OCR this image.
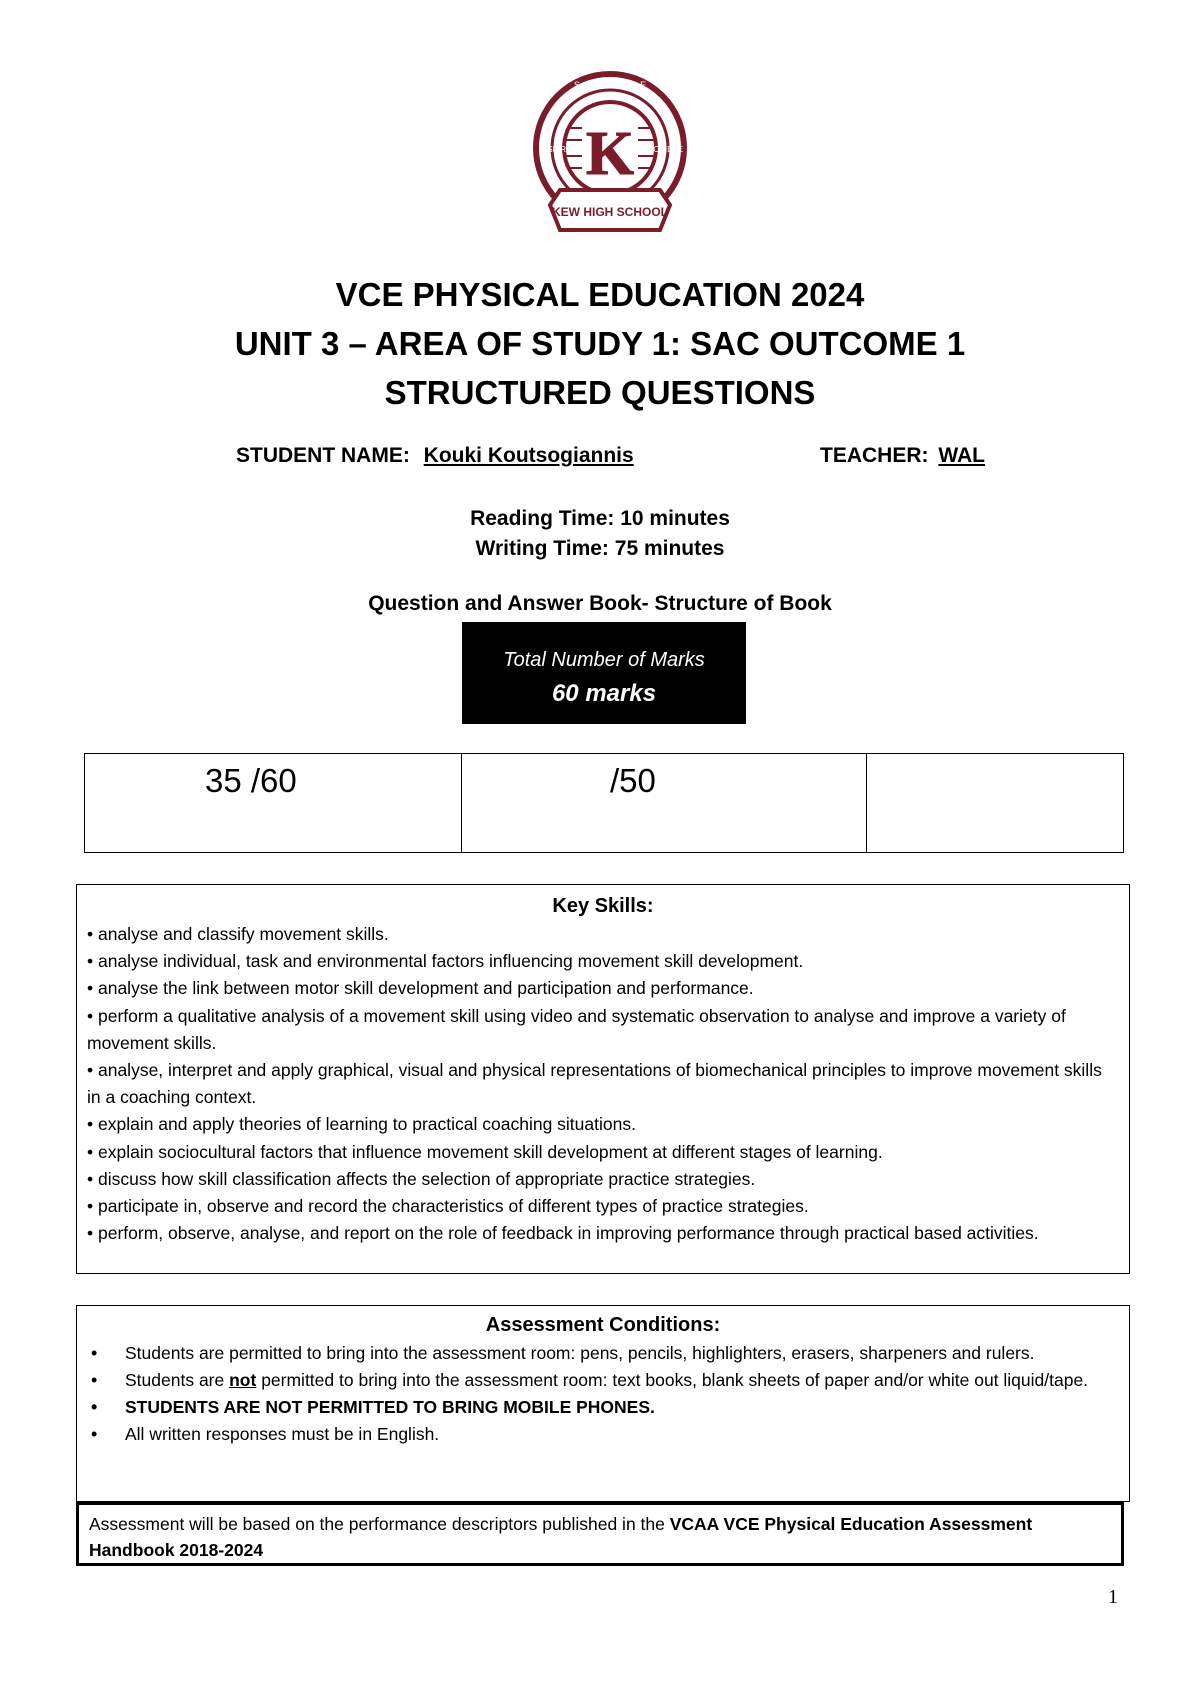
K
KEW HIGH SCHOOL
S · T · R · I · V · E
ASPIRE	ACHIEVE
VCE PHYSICAL EDUCATION 2024
UNIT 3 – AREA OF STUDY 1: SAC OUTCOME 1
STRUCTURED QUESTIONS
STUDENT NAME: Kouki Koutsogiannis	TEACHER: WAL
Reading Time: 10 minutes
Writing Time: 75 minutes
Question and Answer Book- Structure of Book
Total Number of Marks
60 marks
35 /60	/50
Key Skills:
• analyse and classify movement skills.
• analyse individual, task and environmental factors influencing movement skill development.
• analyse the link between motor skill development and participation and performance.
• perform a qualitative analysis of a movement skill using video and systematic observation to analyse and improve a variety of movement skills.
• analyse, interpret and apply graphical, visual and physical representations of biomechanical principles to improve movement skills in a coaching context.
• explain and apply theories of learning to practical coaching situations.
• explain sociocultural factors that influence movement skill development at different stages of learning.
• discuss how skill classification affects the selection of appropriate practice strategies.
• participate in, observe and record the characteristics of different types of practice strategies.
• perform, observe, analyse, and report on the role of feedback in improving performance through practical based activities.
Assessment Conditions:
• Students are permitted to bring into the assessment room: pens, pencils, highlighters, erasers, sharpeners and rulers.
• Students are not permitted to bring into the assessment room: text books, blank sheets of paper and/or white out liquid/tape.
• STUDENTS ARE NOT PERMITTED TO BRING MOBILE PHONES.
• All written responses must be in English.
Assessment will be based on the performance descriptors published in the VCAA VCE Physical Education Assessment Handbook 2018-2024
1
